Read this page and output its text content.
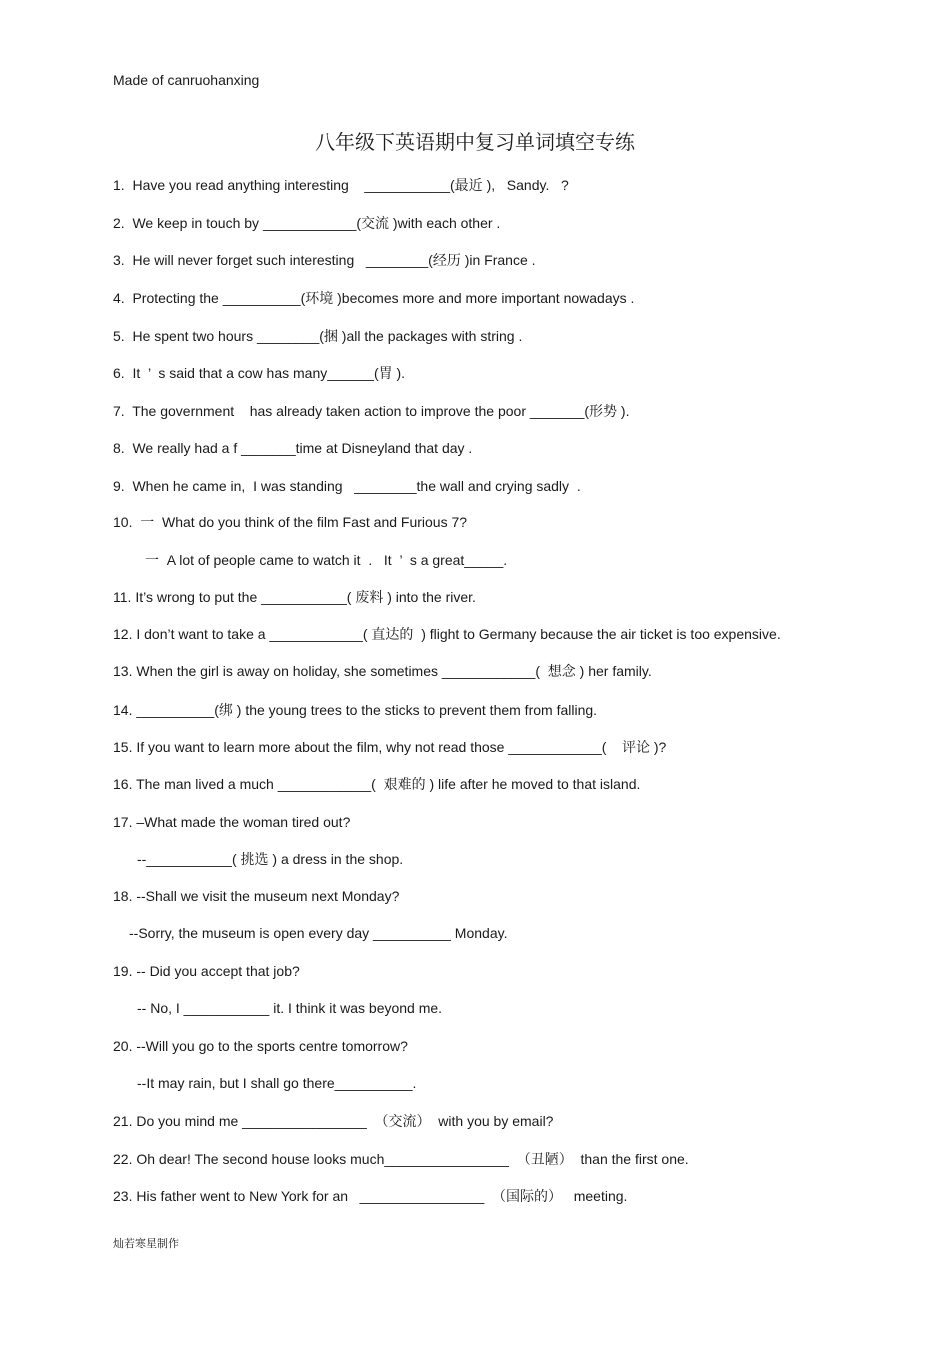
Made of canruohanxing
八年级下英语期中复习单词填空专练
1.  Have you read anything interesting    ___________(最近 ),   Sandy.   ?
2.  We keep in touch by ____________(交流 )with each other .
3.  He will never forget such interesting   ________(经历 )in France .
4.  Protecting the __________(环境 )becomes more and more important nowadays .
5.  He spent two hours ________(捆 )all the packages with string .
6.  It  ’  s said that a cow has many______(胃 ).
7.  The government    has already taken action to improve the poor _______(形势 ).
8.  We really had a f _______time at Disneyland that day .
9.  When he came in,  I was standing   ________the wall and crying sadly  .
10.  一  What do you think of the film Fast and Furious 7?
一  A lot of people came to watch it  .   It  ’  s a great_____.
11. It’s wrong to put the ___________( 废料 ) into the river.
12. I don’t want to take a ____________( 直达的  ) flight to Germany because the air ticket is too expensive.
13. When the girl is away on holiday, she sometimes ____________(  想念 ) her family.
14. __________(绑 ) the young trees to the sticks to prevent them from falling.
15. If you want to learn more about the film, why not read those ____________(    评论 )?
16. The man lived a much ____________(  艰难的 ) life after he moved to that island.
17. –What made the woman tired out?
--___________( 挑选 ) a dress in the shop.
18. --Shall we visit the museum next Monday?
--Sorry, the museum is open every day __________ Monday.
19. -- Did you accept that job?
-- No, I ___________ it. I think it was beyond me.
20. --Will you go to the sports centre tomorrow?
--It may rain, but I shall go there__________.
21. Do you mind me ________________  （交流）  with you by email?
22. Oh dear! The second house looks much________________  （丑陋）  than the first one.
23. His father went to New York for an   ________________  （国际的）   meeting.
灿若寒星制作
